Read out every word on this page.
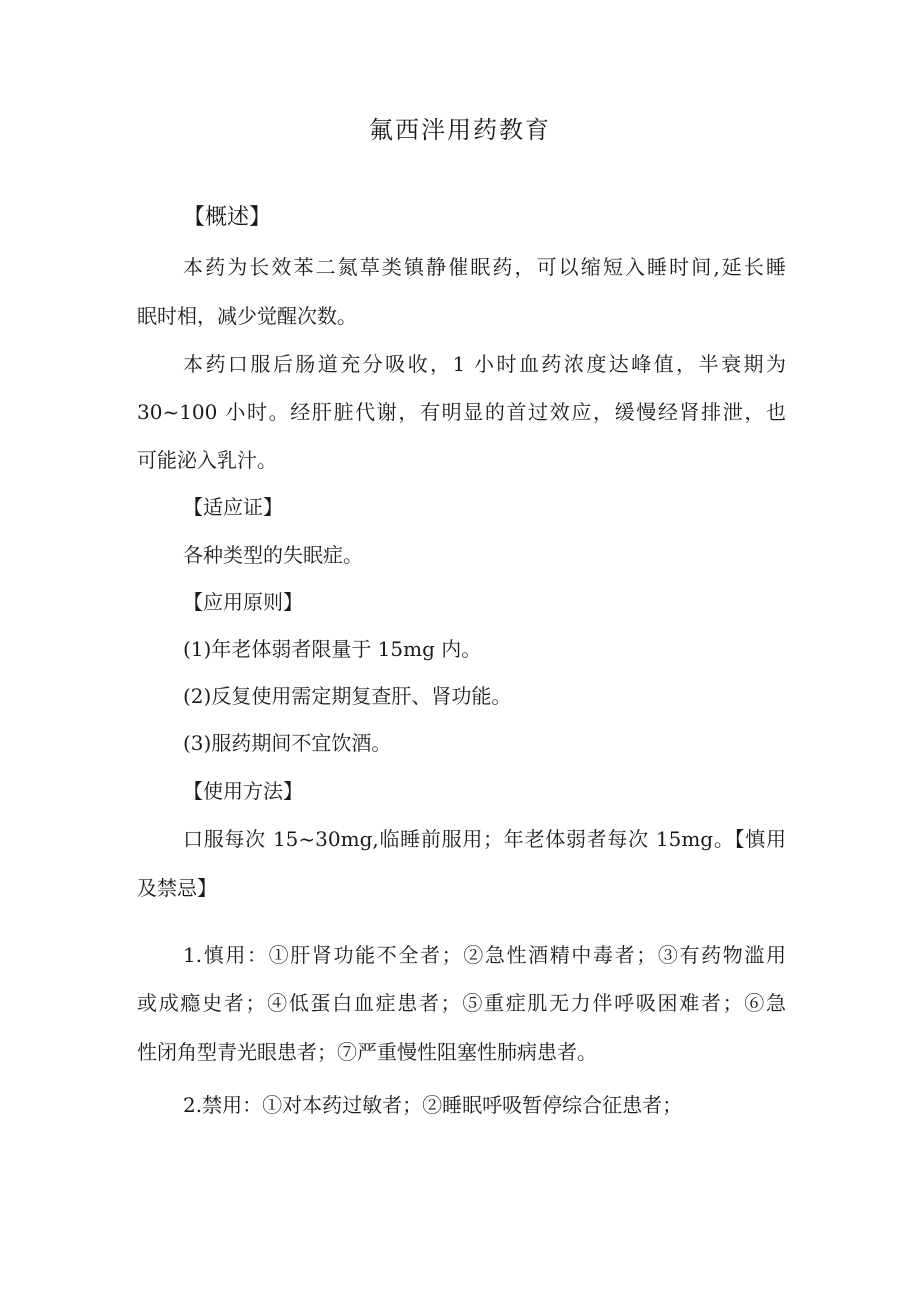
氟西泮用药教育
【概述】
本药为长效苯二氮草类镇静催眠药，可以缩短入睡时间,延长睡
眠时相，减少觉醒次数。
本药口服后肠道充分吸收，1 小时血药浓度达峰值，半衰期为
30~100 小时。经肝脏代谢，有明显的首过效应，缓慢经肾排泄，也
可能泌入乳汁。
【适应证】
各种类型的失眠症。
【应用原则】
(1)年老体弱者限量于 15mg 内。
(2)反复使用需定期复查肝、肾功能。
(3)服药期间不宜饮酒。
【使用方法】
口服每次 15~30mg,临睡前服用；年老体弱者每次 15mg。【慎用
及禁忌】
1.慎用：①肝肾功能不全者；②急性酒精中毒者；③有药物滥用
或成瘾史者；④低蛋白血症患者；⑤重症肌无力伴呼吸困难者；⑥急
性闭角型青光眼患者；⑦严重慢性阻塞性肺病患者。
2.禁用：①对本药过敏者；②睡眠呼吸暂停综合征患者；
